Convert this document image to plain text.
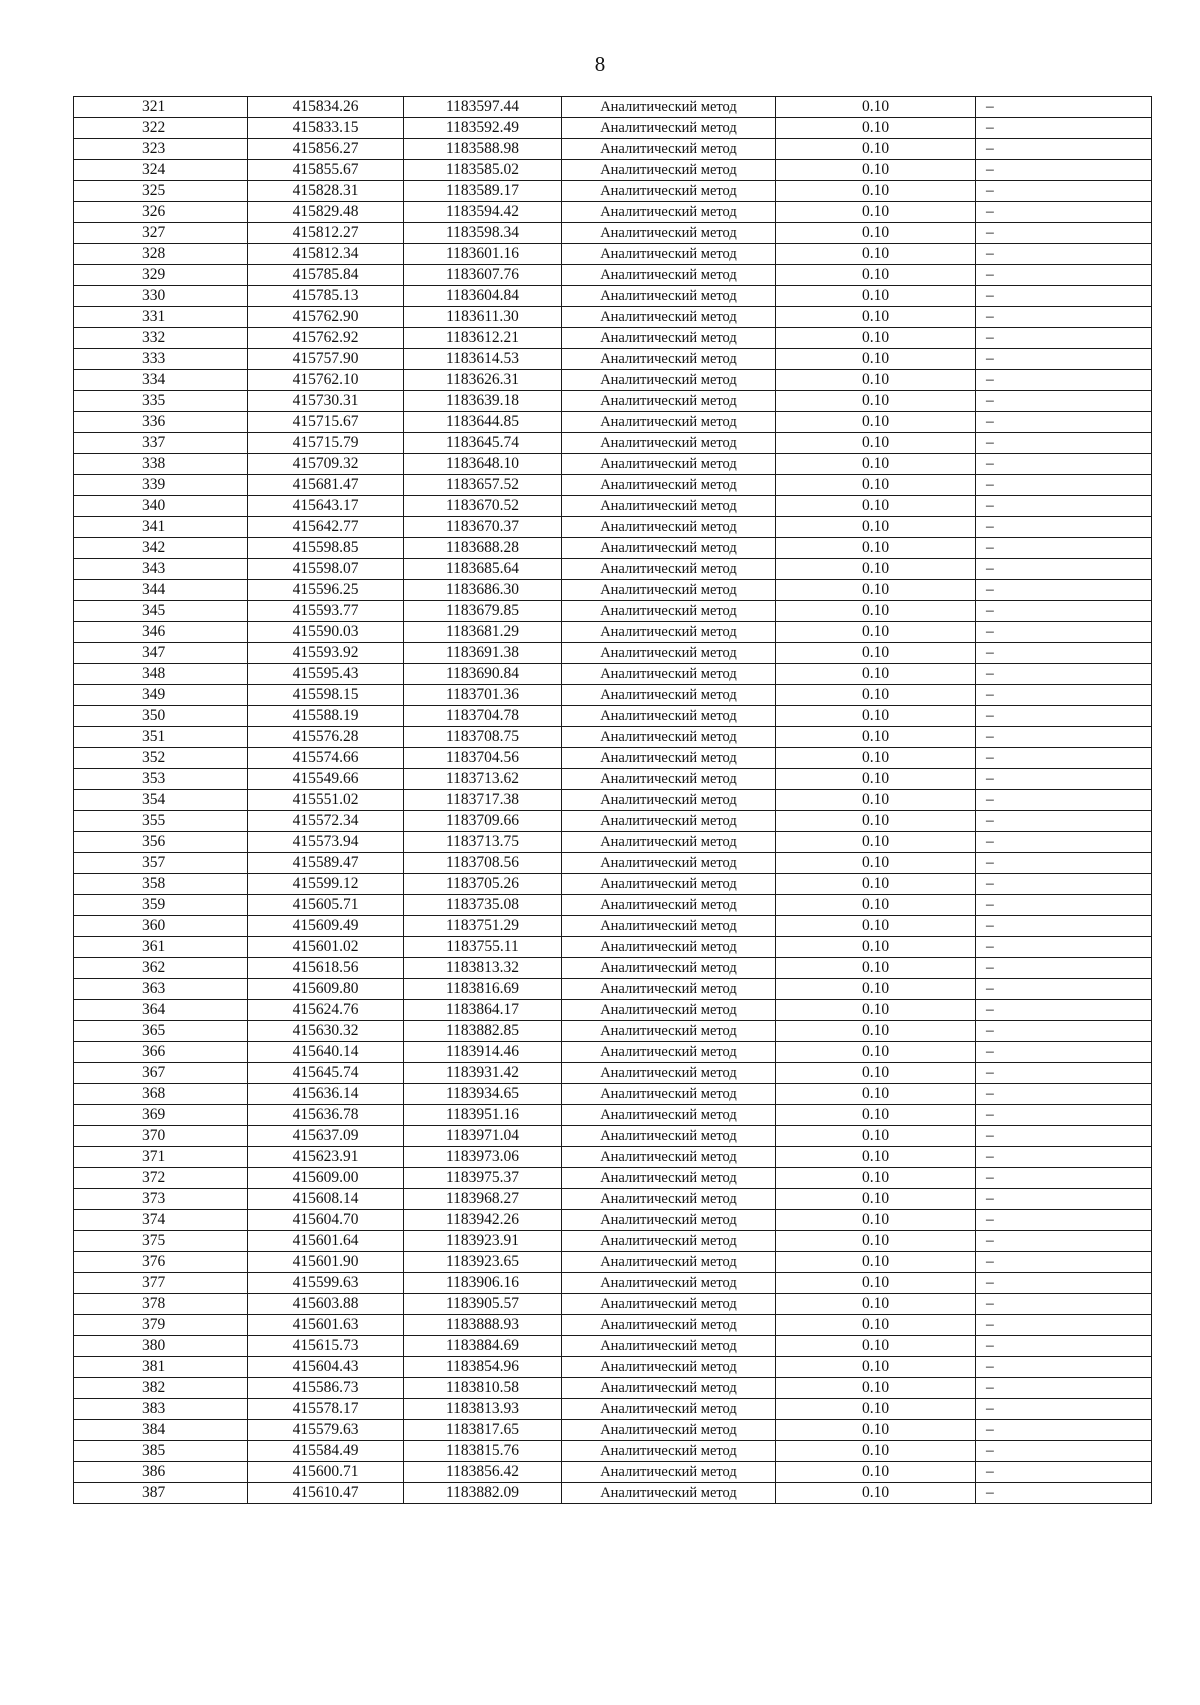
8
321	415834.26	1183597.44	Аналитический метод	0.10	–
322	415833.15	1183592.49	Аналитический метод	0.10	–
323	415856.27	1183588.98	Аналитический метод	0.10	–
324	415855.67	1183585.02	Аналитический метод	0.10	–
325	415828.31	1183589.17	Аналитический метод	0.10	–
326	415829.48	1183594.42	Аналитический метод	0.10	–
327	415812.27	1183598.34	Аналитический метод	0.10	–
328	415812.34	1183601.16	Аналитический метод	0.10	–
329	415785.84	1183607.76	Аналитический метод	0.10	–
330	415785.13	1183604.84	Аналитический метод	0.10	–
331	415762.90	1183611.30	Аналитический метод	0.10	–
332	415762.92	1183612.21	Аналитический метод	0.10	–
333	415757.90	1183614.53	Аналитический метод	0.10	–
334	415762.10	1183626.31	Аналитический метод	0.10	–
335	415730.31	1183639.18	Аналитический метод	0.10	–
336	415715.67	1183644.85	Аналитический метод	0.10	–
337	415715.79	1183645.74	Аналитический метод	0.10	–
338	415709.32	1183648.10	Аналитический метод	0.10	–
339	415681.47	1183657.52	Аналитический метод	0.10	–
340	415643.17	1183670.52	Аналитический метод	0.10	–
341	415642.77	1183670.37	Аналитический метод	0.10	–
342	415598.85	1183688.28	Аналитический метод	0.10	–
343	415598.07	1183685.64	Аналитический метод	0.10	–
344	415596.25	1183686.30	Аналитический метод	0.10	–
345	415593.77	1183679.85	Аналитический метод	0.10	–
346	415590.03	1183681.29	Аналитический метод	0.10	–
347	415593.92	1183691.38	Аналитический метод	0.10	–
348	415595.43	1183690.84	Аналитический метод	0.10	–
349	415598.15	1183701.36	Аналитический метод	0.10	–
350	415588.19	1183704.78	Аналитический метод	0.10	–
351	415576.28	1183708.75	Аналитический метод	0.10	–
352	415574.66	1183704.56	Аналитический метод	0.10	–
353	415549.66	1183713.62	Аналитический метод	0.10	–
354	415551.02	1183717.38	Аналитический метод	0.10	–
355	415572.34	1183709.66	Аналитический метод	0.10	–
356	415573.94	1183713.75	Аналитический метод	0.10	–
357	415589.47	1183708.56	Аналитический метод	0.10	–
358	415599.12	1183705.26	Аналитический метод	0.10	–
359	415605.71	1183735.08	Аналитический метод	0.10	–
360	415609.49	1183751.29	Аналитический метод	0.10	–
361	415601.02	1183755.11	Аналитический метод	0.10	–
362	415618.56	1183813.32	Аналитический метод	0.10	–
363	415609.80	1183816.69	Аналитический метод	0.10	–
364	415624.76	1183864.17	Аналитический метод	0.10	–
365	415630.32	1183882.85	Аналитический метод	0.10	–
366	415640.14	1183914.46	Аналитический метод	0.10	–
367	415645.74	1183931.42	Аналитический метод	0.10	–
368	415636.14	1183934.65	Аналитический метод	0.10	–
369	415636.78	1183951.16	Аналитический метод	0.10	–
370	415637.09	1183971.04	Аналитический метод	0.10	–
371	415623.91	1183973.06	Аналитический метод	0.10	–
372	415609.00	1183975.37	Аналитический метод	0.10	–
373	415608.14	1183968.27	Аналитический метод	0.10	–
374	415604.70	1183942.26	Аналитический метод	0.10	–
375	415601.64	1183923.91	Аналитический метод	0.10	–
376	415601.90	1183923.65	Аналитический метод	0.10	–
377	415599.63	1183906.16	Аналитический метод	0.10	–
378	415603.88	1183905.57	Аналитический метод	0.10	–
379	415601.63	1183888.93	Аналитический метод	0.10	–
380	415615.73	1183884.69	Аналитический метод	0.10	–
381	415604.43	1183854.96	Аналитический метод	0.10	–
382	415586.73	1183810.58	Аналитический метод	0.10	–
383	415578.17	1183813.93	Аналитический метод	0.10	–
384	415579.63	1183817.65	Аналитический метод	0.10	–
385	415584.49	1183815.76	Аналитический метод	0.10	–
386	415600.71	1183856.42	Аналитический метод	0.10	–
387	415610.47	1183882.09	Аналитический метод	0.10	–
